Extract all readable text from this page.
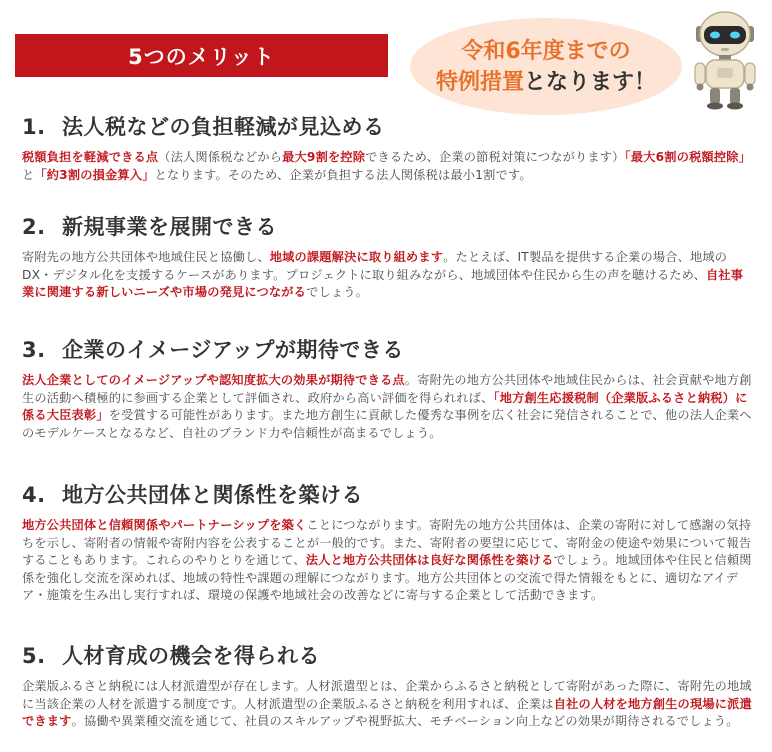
5つのメリット	令和6年度までの
特例措置となります！
1. 法人税などの負担軽減が見込める
税額負担を軽減できる点（法人関係税などから最大9割を控除できるため、企業の節税対策につながります）「最大6割の税額控除」と「約3割の損金算入」となります。そのため、企業が負担する法人関係税は最小1割です。
2. 新規事業を展開できる
寄附先の地方公共団体や地域住民と協働し、地域の課題解決に取り組めます。たとえば、IT製品を提供する企業の場合、地域のDX・デジタル化を支援するケースがあります。プロジェクトに取り組みながら、地域団体や住民から生の声を聴けるため、自社事業に関連する新しいニーズや市場の発見につながるでしょう。
3. 企業のイメージアップが期待できる
法人企業としてのイメージアップや認知度拡大の効果が期待できる点。寄附先の地方公共団体や地域住民からは、社会貢献や地方創生の活動へ積極的に参画する企業として評価され、政府から高い評価を得られれば、「地方創生応援税制（企業版ふるさと納税）に係る大臣表彰」を受賞する可能性があります。また地方創生に貢献した優秀な事例を広く社会に発信されることで、他の法人企業へのモデルケースとなるなど、自社のブランド力や信頼性が高まるでしょう。
4. 地方公共団体と関係性を築ける
地方公共団体と信頼関係やパートナーシップを築くことにつながります。寄附先の地方公共団体は、企業の寄附に対して感謝の気持ちを示し、寄附者の情報や寄附内容を公表することが一般的です。また、寄附者の要望に応じて、寄附金の使途や効果について報告することもあります。これらのやりとりを通じて、法人と地方公共団体は良好な関係性を築けるでしょう。地域団体や住民と信頼関係を強化し交流を深めれば、地域の特性や課題の理解につながります。地方公共団体との交流で得た情報をもとに、適切なアイデア・施策を生み出し実行すれば、環境の保護や地域社会の改善などに寄与する企業として活動できます。
5. 人材育成の機会を得られる
企業版ふるさと納税には人材派遣型が存在します。人材派遣型とは、企業からふるさと納税として寄附があった際に、寄附先の地域に当該企業の人材を派遣する制度です。人材派遣型の企業版ふるさと納税を利用すれば、企業は自社の人材を地方創生の現場に派遣できます。協働や異業種交流を通じて、社員のスキルアップや視野拡大、モチベーション向上などの効果が期待されるでしょう。
